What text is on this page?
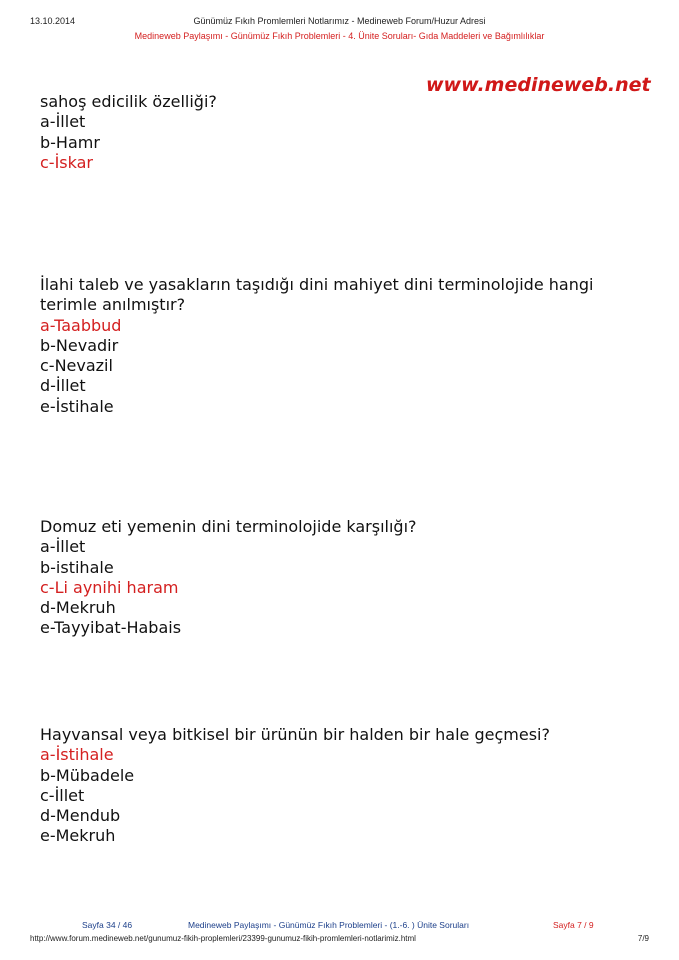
13.10.2014	Günümüz Fıkıh Promlemleri Notlarımız - Medineweb Forum/Huzur Adresi
Medineweb Paylaşımı - Günümüz Fıkıh Problemleri - 4. Ünite Soruları- Gıda Maddeleri ve Bağımlılıklar
www.medineweb.net
sahoş edicilik özelliği?
a-İllet
b-Hamr
c-İskar
İlahi taleb ve yasakların taşıdığı dini mahiyet dini terminolojide hangi terimle anılmıştır?
a-Taabbud
b-Nevadir
c-Nevazil
d-İllet
e-İstihale
Domuz eti yemenin dini terminolojide karşılığı?
a-İllet
b-istihale
c-Li aynihi haram
d-Mekruh
e-Tayyibat-Habais
Hayvansal veya bitkisel bir ürünün bir halden bir hale geçmesi?
a-İstihale
b-Mübadele
c-İllet
d-Mendub
e-Mekruh
Sayfa 34 / 46	Medineweb Paylaşımı - Günümüz Fıkıh Problemleri - (1.-6. ) Ünite Soruları	Sayfa 7 / 9
http://www.forum.medineweb.net/gunumuz-fikih-proplemleri/23399-gunumuz-fikih-promlemleri-notlarimiz.html	7/9
